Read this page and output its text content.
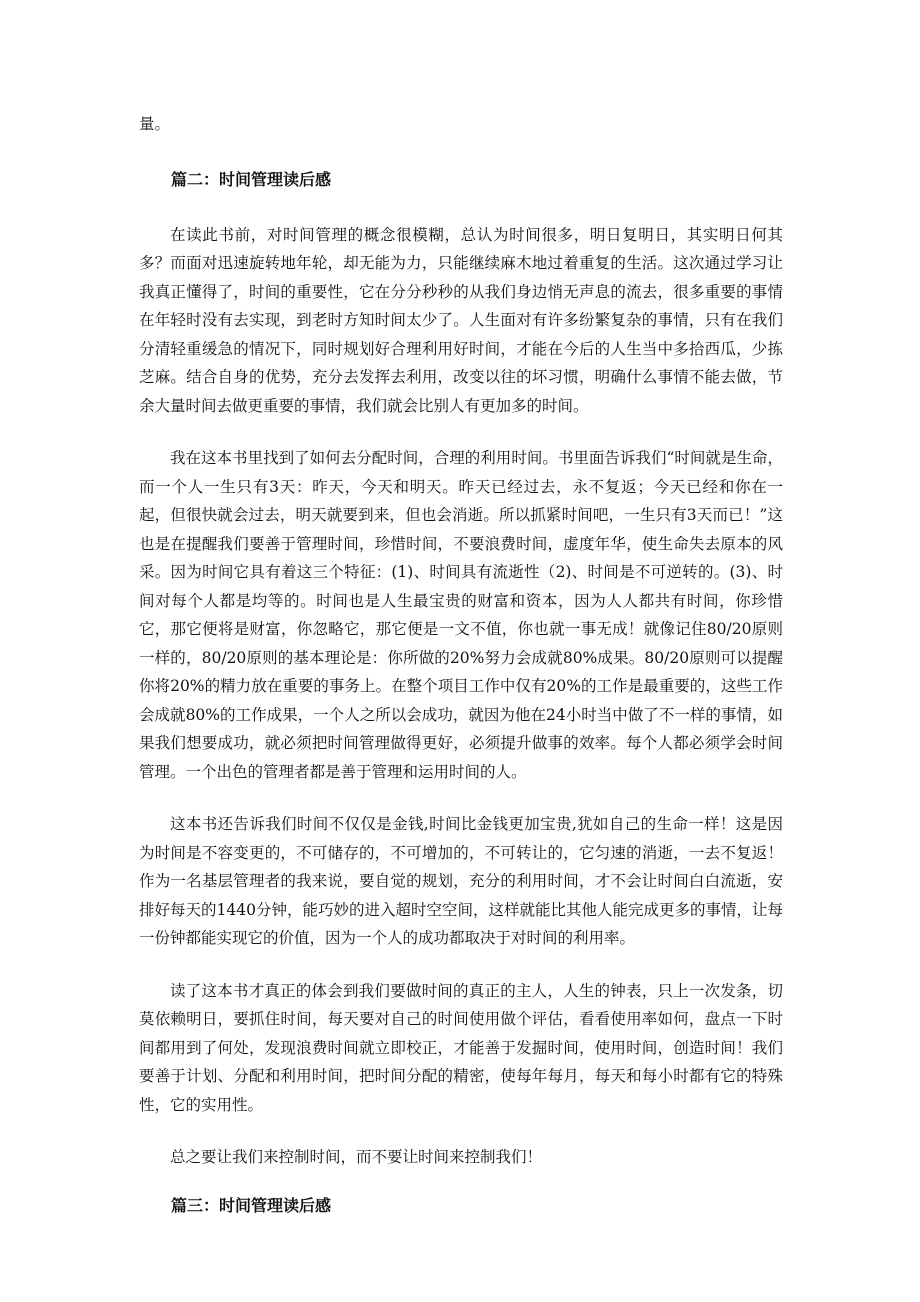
量。

篇二：时间管理读后感

在读此书前，对时间管理的概念很模糊，总认为时间很多，明日复明日，其实明日何其多？而面对迅速旋转地年轮，却无能为力，只能继续麻木地过着重复的生活。这次通过学习让我真正懂得了，时间的重要性，它在分分秒秒的从我们身边悄无声息的流去，很多重要的事情在年轻时没有去实现，到老时方知时间太少了。人生面对有许多纷繁复杂的事情，只有在我们分清轻重缓急的情况下，同时规划好合理利用好时间，才能在今后的人生当中多拾西瓜，少拣芝麻。结合自身的优势，充分去发挥去利用，改变以往的坏习惯，明确什么事情不能去做，节余大量时间去做更重要的事情，我们就会比别人有更加多的时间。

我在这本书里找到了如何去分配时间，合理的利用时间。书里面告诉我们“时间就是生命，而一个人一生只有3天：昨天，今天和明天。昨天已经过去，永不复返；今天已经和你在一起，但很快就会过去，明天就要到来，但也会消逝。所以抓紧时间吧，一生只有3天而已！”这也是在提醒我们要善于管理时间，珍惜时间，不要浪费时间，虚度年华，使生命失去原本的风采。因为时间它具有着这三个特征：(1)、时间具有流逝性（2)、时间是不可逆转的。(3)、时间对每个人都是均等的。时间也是人生最宝贵的财富和资本，因为人人都共有时间，你珍惜它，那它便将是财富，你忽略它，那它便是一文不值，你也就一事无成！就像记住80/20原则一样的，80/20原则的基本理论是：你所做的20%努力会成就80%成果。80/20原则可以提醒你将20%的精力放在重要的事务上。在整个项目工作中仅有20%的工作是最重要的，这些工作会成就80%的工作成果，一个人之所以会成功，就因为他在24小时当中做了不一样的事情，如果我们想要成功，就必须把时间管理做得更好，必须提升做事的效率。每个人都必须学会时间管理。一个出色的管理者都是善于管理和运用时间的人。

这本书还告诉我们时间不仅仅是金钱,时间比金钱更加宝贵,犹如自己的生命一样！这是因为时间是不容变更的，不可储存的，不可增加的，不可转让的，它匀速的消逝，一去不复返！作为一名基层管理者的我来说，要自觉的规划，充分的利用时间，才不会让时间白白流逝，安排好每天的1440分钟，能巧妙的进入超时空空间，这样就能比其他人能完成更多的事情，让每一份钟都能实现它的价值，因为一个人的成功都取决于对时间的利用率。

读了这本书才真正的体会到我们要做时间的真正的主人，人生的钟表，只上一次发条，切莫依赖明日，要抓住时间，每天要对自己的时间使用做个评估，看看使用率如何，盘点一下时间都用到了何处，发现浪费时间就立即校正，才能善于发掘时间，使用时间，创造时间！我们要善于计划、分配和利用时间，把时间分配的精密，使每年每月，每天和每小时都有它的特殊性，它的实用性。

总之要让我们来控制时间，而不要让时间来控制我们！

篇三：时间管理读后感
